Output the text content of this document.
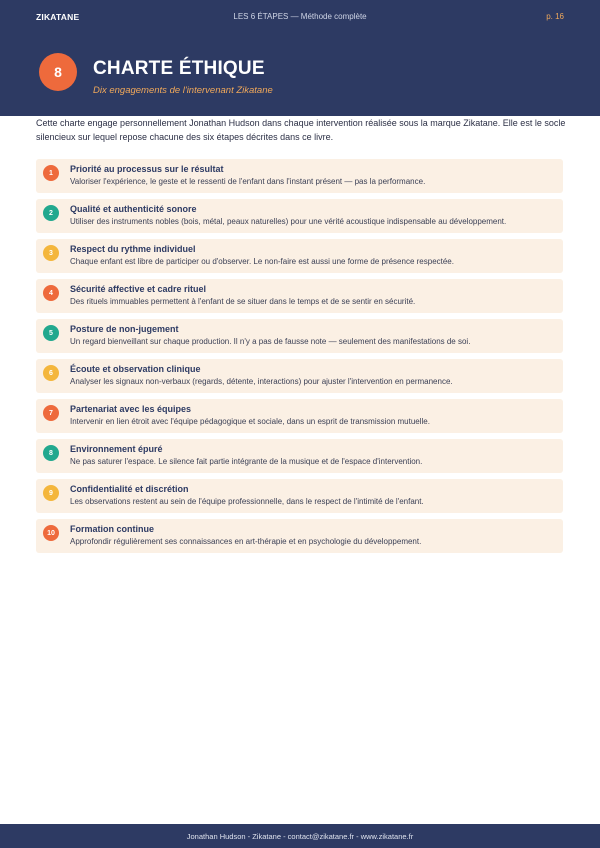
ZIKATANE	LES 6 ÉTAPES — Méthode complète	p. 16
8	CHARTE ÉTHIQUE
Dix engagements de l'intervenant Zikatane

Cette charte engage personnellement Jonathan Hudson dans chaque intervention réalisée sous la marque Zikatane. Elle est le socle silencieux sur lequel repose chacune des six étapes décrites dans ce livre.

1	Priorité au processus sur le résultat
Valoriser l'expérience, le geste et le ressenti de l'enfant dans l'instant présent — pas la performance.
2	Qualité et authenticité sonore
Utiliser des instruments nobles (bois, métal, peaux naturelles) pour une vérité acoustique indispensable au développement.
3	Respect du rythme individuel
Chaque enfant est libre de participer ou d'observer. Le non-faire est aussi une forme de présence respectée.
4	Sécurité affective et cadre rituel
Des rituels immuables permettent à l'enfant de se situer dans le temps et de se sentir en sécurité.
5	Posture de non-jugement
Un regard bienveillant sur chaque production. Il n'y a pas de fausse note — seulement des manifestations de soi.
6	Écoute et observation clinique
Analyser les signaux non-verbaux (regards, détente, interactions) pour ajuster l'intervention en permanence.
7	Partenariat avec les équipes
Intervenir en lien étroit avec l'équipe pédagogique et sociale, dans un esprit de transmission mutuelle.
8	Environnement épuré
Ne pas saturer l'espace. Le silence fait partie intégrante de la musique et de l'espace d'intervention.
9	Confidentialité et discrétion
Les observations restent au sein de l'équipe professionnelle, dans le respect de l'intimité de l'enfant.
10	Formation continue
Approfondir régulièrement ses connaissances en art-thérapie et en psychologie du développement.
Jonathan Hudson - Zikatane - contact@zikatane.fr - www.zikatane.fr
